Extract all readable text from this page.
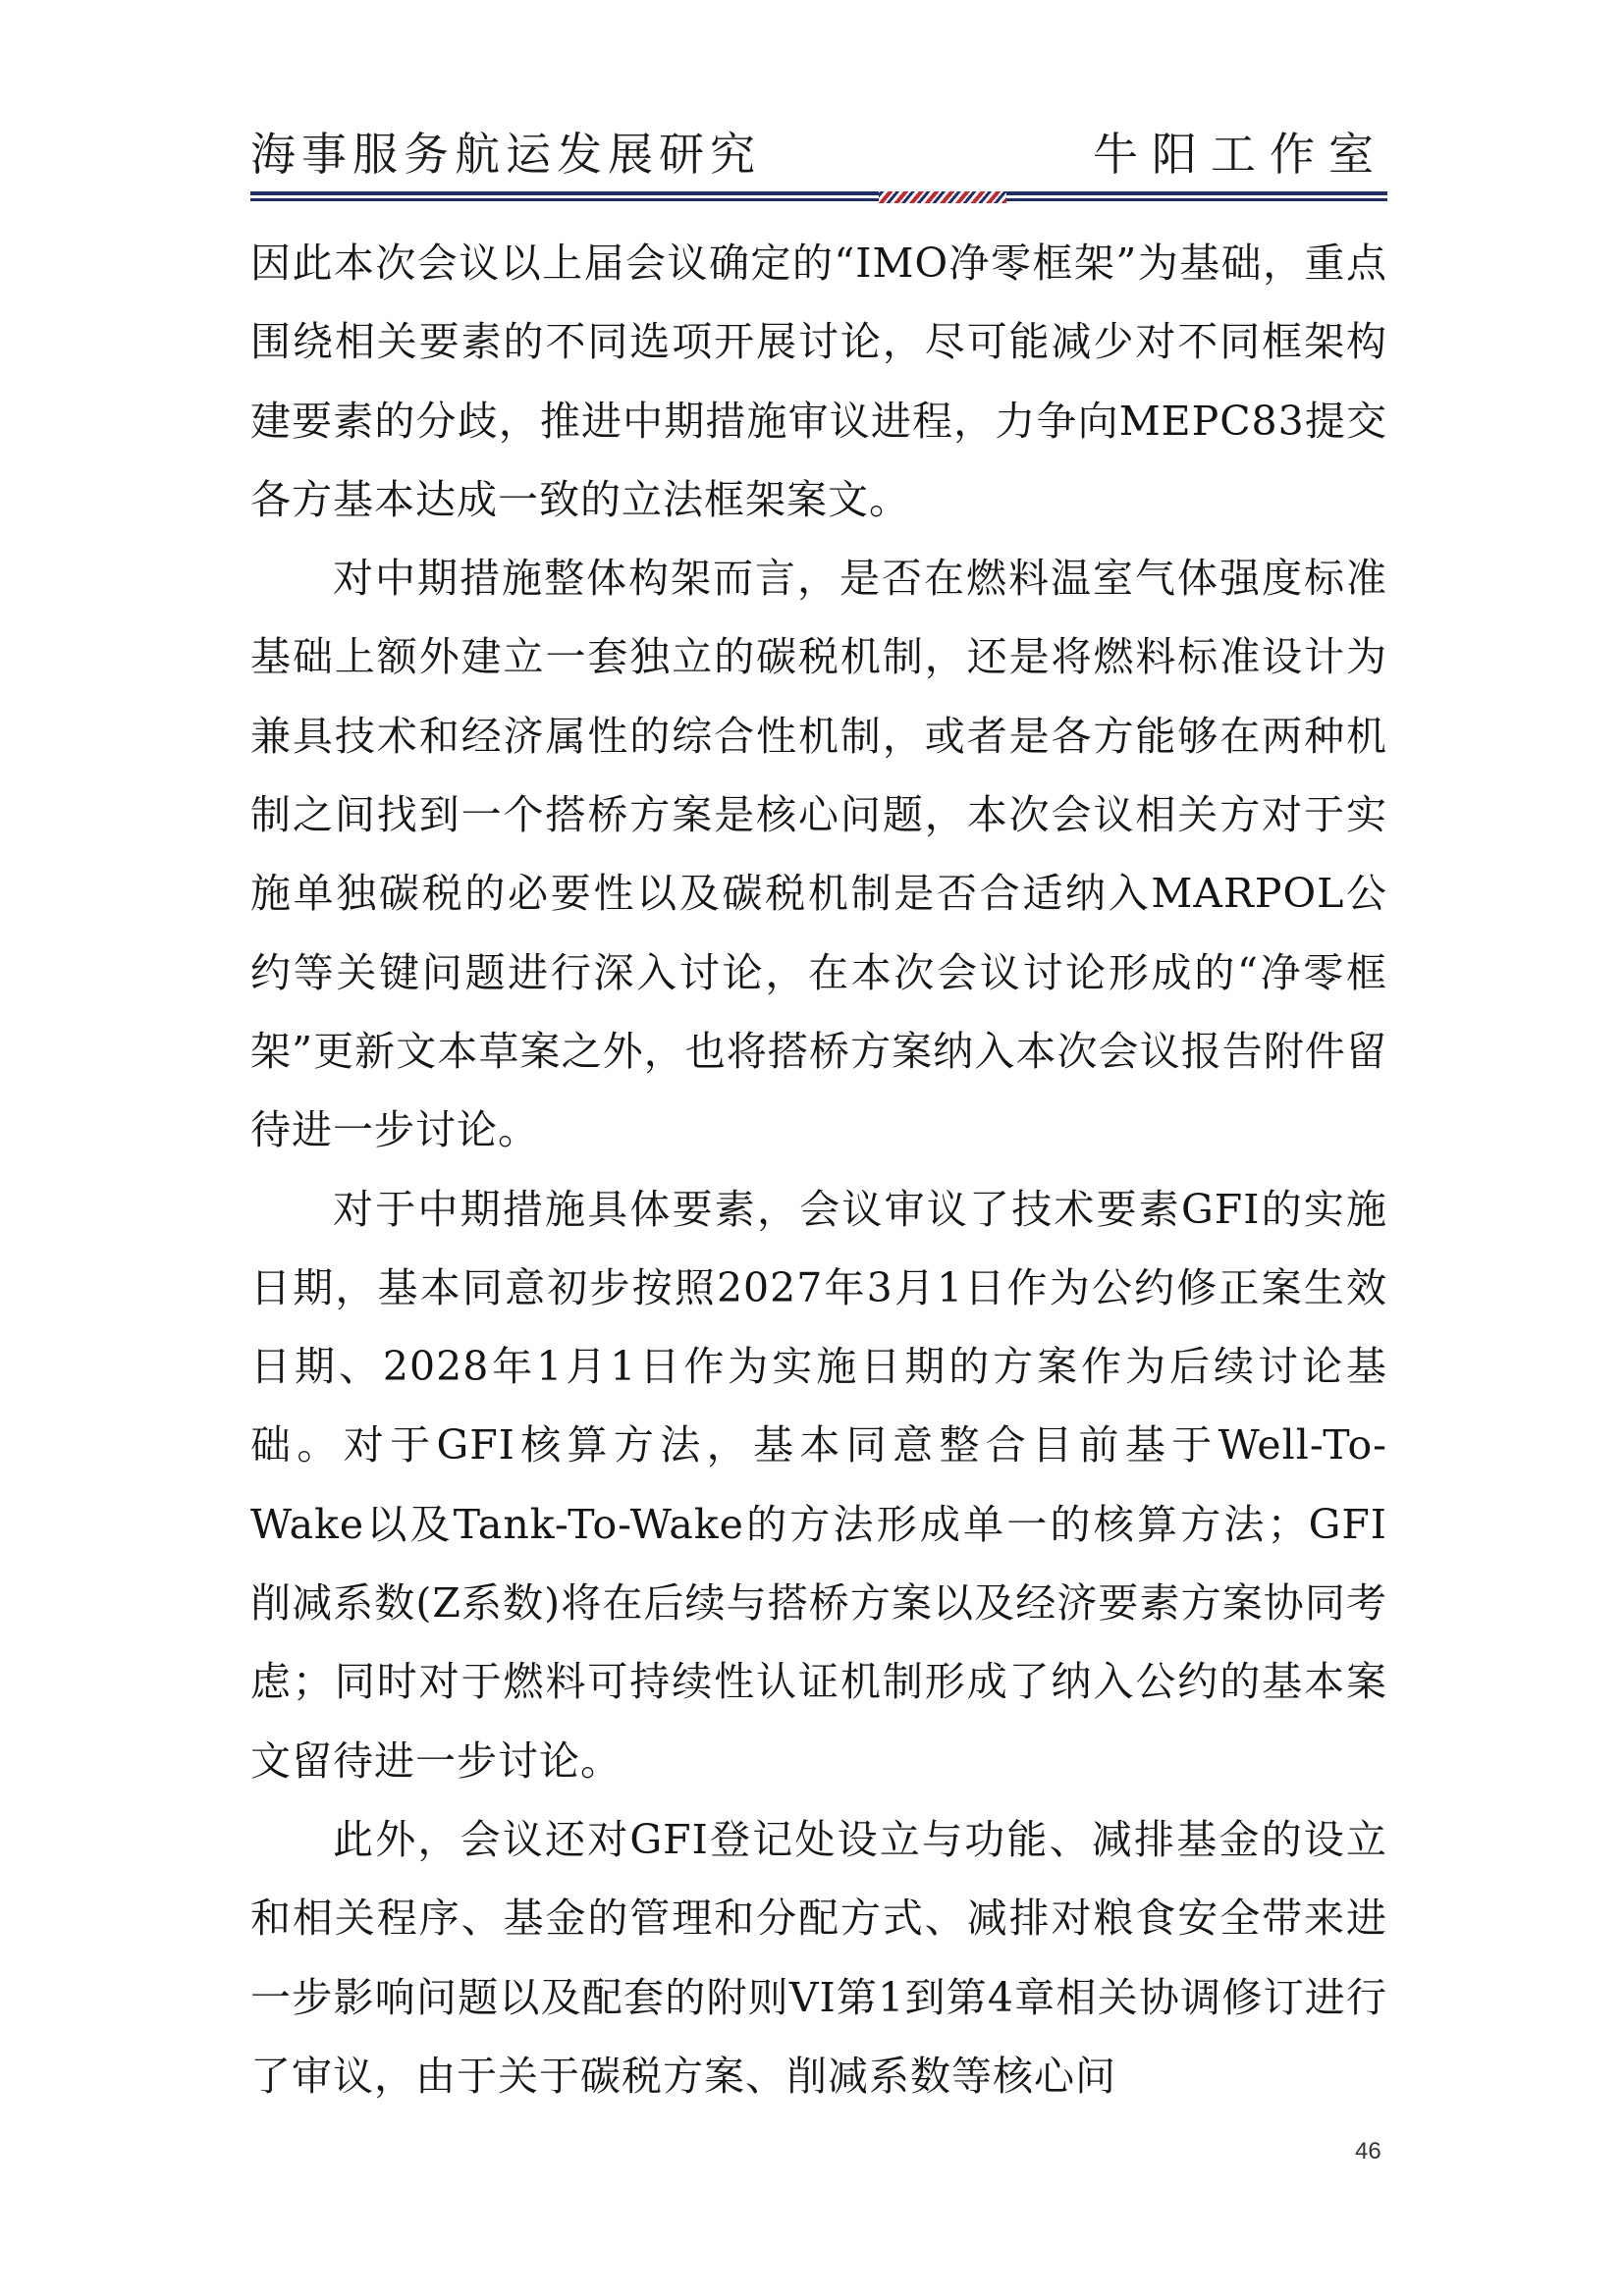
海事服务航运发展研究	牛阳工作室

因此本次会议以上届会议确定的“IMO净零框架”为基础，重点围绕相关要素的不同选项开展讨论，尽可能减少对不同框架构建要素的分歧，推进中期措施审议进程，力争向MEPC83提交各方基本达成一致的立法框架案文。

对中期措施整体构架而言，是否在燃料温室气体强度标准基础上额外建立一套独立的碳税机制，还是将燃料标准设计为兼具技术和经济属性的综合性机制，或者是各方能够在两种机制之间找到一个搭桥方案是核心问题，本次会议相关方对于实施单独碳税的必要性以及碳税机制是否合适纳入MARPOL公约等关键问题进行深入讨论，在本次会议讨论形成的“净零框架”更新文本草案之外，也将搭桥方案纳入本次会议报告附件留待进一步讨论。

对于中期措施具体要素，会议审议了技术要素GFI的实施日期，基本同意初步按照2027年3月1日作为公约修正案生效日期、2028年1月1日作为实施日期的方案作为后续讨论基础。对于GFI核算方法，基本同意整合目前基于Well-To-Wake以及Tank-To-Wake的方法形成单一的核算方法；GFI削减系数(Z系数)将在后续与搭桥方案以及经济要素方案协同考虑；同时对于燃料可持续性认证机制形成了纳入公约的基本案文留待进一步讨论。

此外，会议还对GFI登记处设立与功能、减排基金的设立和相关程序、基金的管理和分配方式、减排对粮食安全带来进一步影响问题以及配套的附则VI第1到第4章相关协调修订进行了审议，由于关于碳税方案、削减系数等核心问

46
